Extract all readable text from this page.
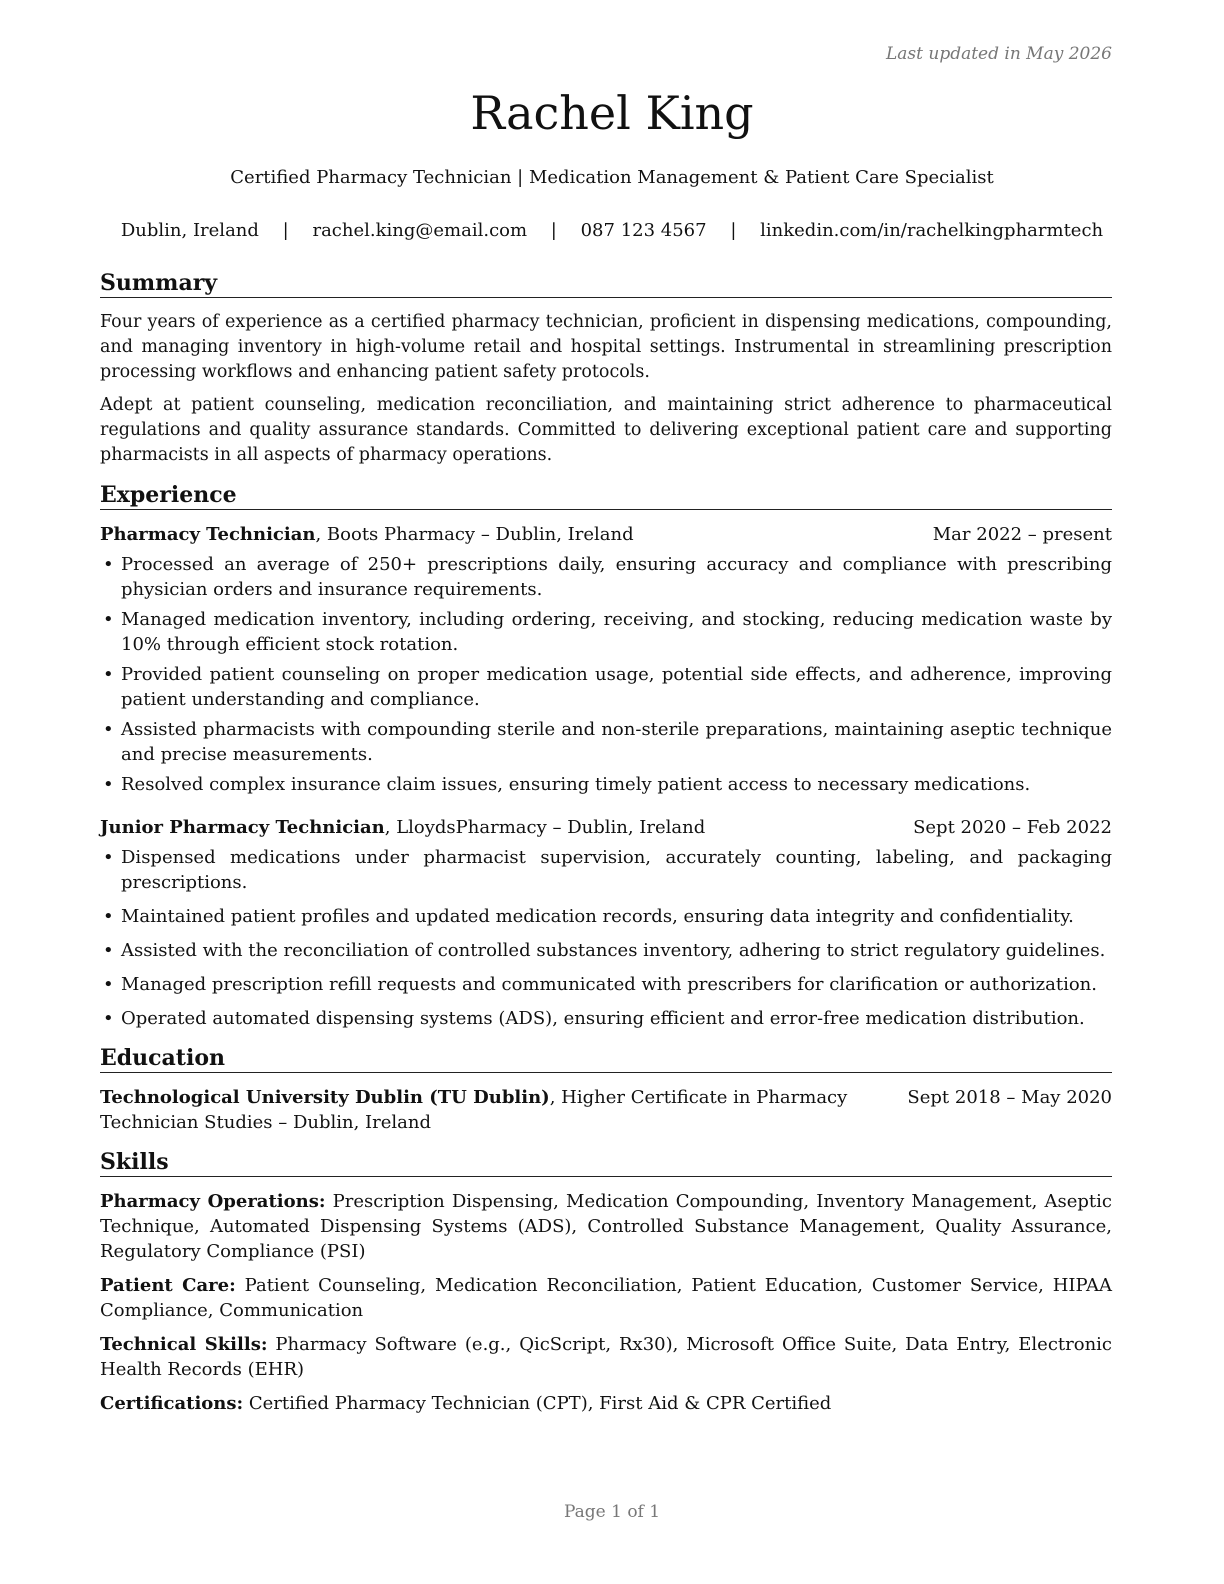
Last updated in May 2026
Rachel King
Certified Pharmacy Technician | Medication Management & Patient Care Specialist
Dublin, Ireland | rachel.king@email.com | 087 123 4567 | linkedin.com/in/rachelkingpharmtech
Summary

Four years of experience as a certified pharmacy technician, proficient in dispensing medications, compounding, and managing inventory in high-volume retail and hospital settings. Instrumental in streamlining prescription processing workflows and enhancing patient safety protocols.

Adept at patient counseling, medication reconciliation, and maintaining strict adherence to pharmaceutical regulations and quality assurance standards. Committed to delivering exceptional patient care and supporting pharmacists in all aspects of pharmacy operations.

Experience
Pharmacy Technician, Boots Pharmacy – Dublin, Ireland	Mar 2022 – present
• Processed an average of 250+ prescriptions daily, ensuring accuracy and compliance with prescribing physician orders and insurance requirements.
• Managed medication inventory, including ordering, receiving, and stocking, reducing medication waste by 10% through efficient stock rotation.
• Provided patient counseling on proper medication usage, potential side effects, and adherence, improving patient understanding and compliance.
• Assisted pharmacists with compounding sterile and non-sterile preparations, maintaining aseptic technique and precise measurements.
• Resolved complex insurance claim issues, ensuring timely patient access to necessary medications.
Junior Pharmacy Technician, LloydsPharmacy – Dublin, Ireland	Sept 2020 – Feb 2022
• Dispensed medications under pharmacist supervision, accurately counting, labeling, and packaging prescriptions.
• Maintained patient profiles and updated medication records, ensuring data integrity and confidentiality.
• Assisted with the reconciliation of controlled substances inventory, adhering to strict regulatory guidelines.
• Managed prescription refill requests and communicated with prescribers for clarification or authorization.
• Operated automated dispensing systems (ADS), ensuring efficient and error-free medication distribution.
Education
Technological University Dublin (TU Dublin), Higher Certificate in Pharmacy Technician Studies – Dublin, Ireland
Sept 2018 – May 2020
Skills
Pharmacy Operations: Prescription Dispensing, Medication Compounding, Inventory Management, Aseptic Technique, Automated Dispensing Systems (ADS), Controlled Substance Management, Quality Assurance, Regulatory Compliance (PSI)
Patient Care: Patient Counseling, Medication Reconciliation, Patient Education, Customer Service, HIPAA Compliance, Communication
Technical Skills: Pharmacy Software (e.g., QicScript, Rx30), Microsoft Office Suite, Data Entry, Electronic Health Records (EHR)
Certifications: Certified Pharmacy Technician (CPT), First Aid & CPR Certified
Page 1 of 1
